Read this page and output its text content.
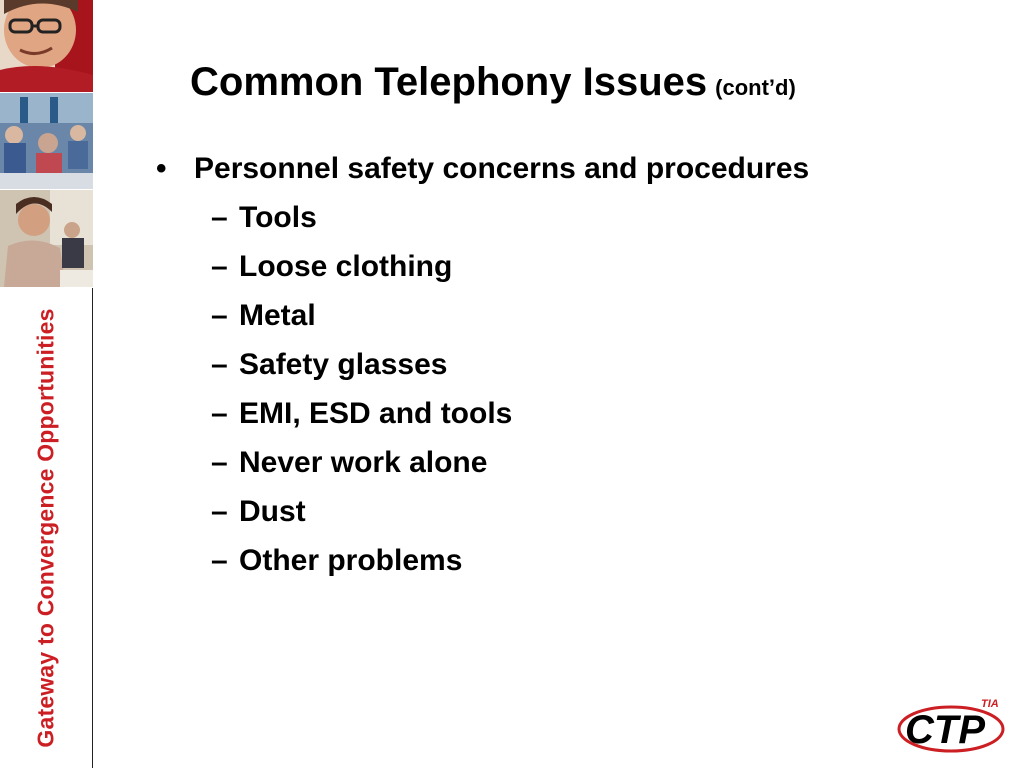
Gateway to Convergence Opportunities
Common Telephony Issues (cont’d)
• Personnel safety concerns and procedures
– Tools
– Loose clothing
– Metal
– Safety glasses
– EMI, ESD and tools
– Never work alone
– Dust
– Other problems
CTP
TIA
